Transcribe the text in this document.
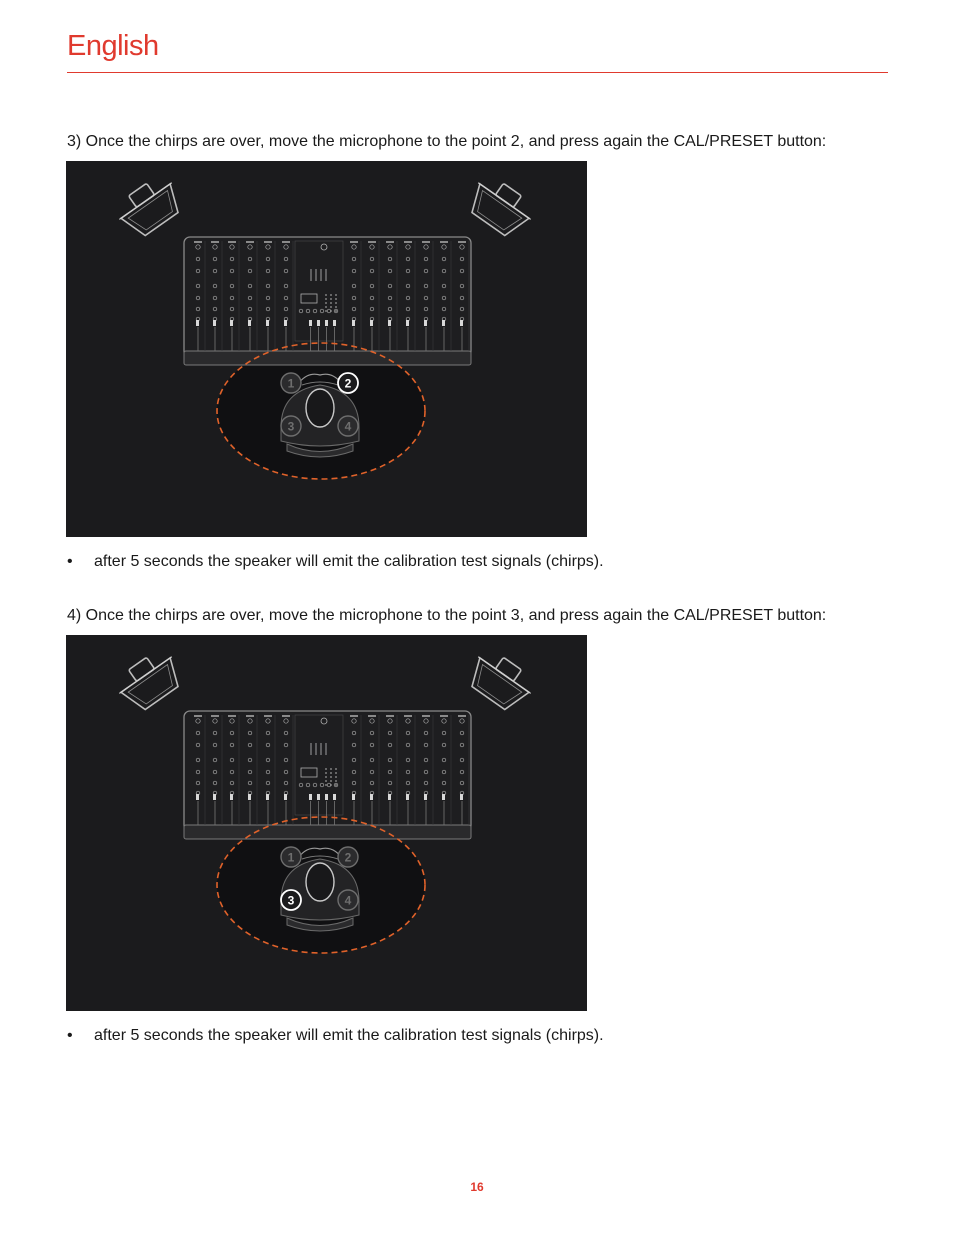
English

3) Once the chirps are over, move the microphone to the point 2, and press again the CAL/PRESET button:

1	2
3	4
• after 5 seconds the speaker will emit the calibration test signals (chirps).

4) Once the chirps are over, move the microphone to the point 3, and press again the CAL/PRESET button:

1	2
3	4
• after 5 seconds the speaker will emit the calibration test signals (chirps).
16
